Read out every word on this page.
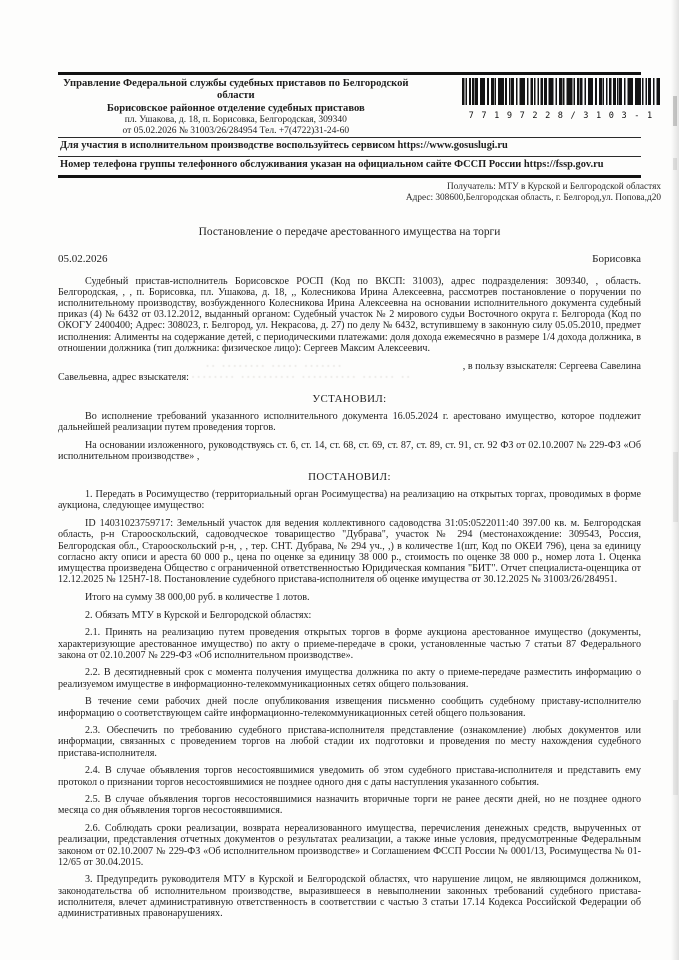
Управление Федеральной службы судебных приставов по Белгородской области
Борисовское районное отделение судебных приставов
пл. Ушакова, д. 18, п. Борисовка, Белгородская, 309340
от 05.02.2026 № 31003/26/284954 Тел. +7(4722)31-24-60
7 7 1 9 7 2 2 8 / 3 1 0 3 - 1
Для участия в исполнительном производстве воспользуйтесь сервисом https://www.gosuslugi.ru
Номер телефона группы телефонного обслуживания указан на официальном сайте ФССП России https://fssp.gov.ru
Получатель: МТУ в Курской и Белгородской областях
Адрес: 308600,Белгородская область, г. Белгород,ул. Попова,д20
Постановление о передаче арестованного имущества на торги
05.02.2026	Борисовка

Судебный пристав-исполнитель Борисовское РОСП (Код по ВКСП: 31003), адрес подразделения: 309340, , область. Белгородская, , , п. Борисовка, пл. Ушакова, д. 18, ,, Колесникова Ирина Алексеевна, рассмотрев постановление о поручении по исполнительному производству, возбужденного Колесникова Ирина Алексеевна на основании исполнительного документа судебный приказ (4) № 6432 от 03.12.2012, выданный органом: Судебный участок № 2 мирового судьи Восточного округа г. Белгорода (Код по ОКОГУ 2400400; Адрес: 308023, г. Белгород, ул. Некрасова, д. 27) по делу № 6432, вступившему в законную силу 05.05.2010, предмет исполнения: Алименты на содержание детей, с периодическими платежами: доля дохода ежемесячно в размере 1/4 дохода должника, в отношении должника (тип должника: физическое лицо): Сергеев Максим Алексеевич.

·· ········ ····· ·······	, в пользу взыскателя: Сергеева Савелина
Савельевна, адрес взыскателя: ········ ·········· ·········· ······ ··
УСТАНОВИЛ:

Во исполнение требований указанного исполнительного документа 16.05.2024 г. арестовано имущество, которое подлежит дальнейшей реализации путем проведения торгов.

На основании изложенного, руководствуясь ст. 6, ст. 14, ст. 68, ст. 69, ст. 87, ст. 89, ст. 91, ст. 92 ФЗ от 02.10.2007 № 229-ФЗ «Об исполнительном производстве» ,

ПОСТАНОВИЛ:

1. Передать в Росимущество (территориальный орган Росимущества) на реализацию на открытых торгах, проводимых в форме аукциона, следующее имущество:

ID 14031023759717: Земельный участок для ведения коллективного садоводства 31:05:0522011:40 397.00 кв. м. Белгородская область, р-н Старооскольский, садоводческое товарищество "Дубрава", участок № 294 (местонахождение: 309543, Россия, Белгородская обл., Старооскольский р-н, , , тер. СНТ. Дубрава, № 294 уч., ,) в количестве 1(шт, Код по ОКЕИ 796), цена за единицу согласно акту описи и ареста 60 000 р., цена по оценке за единицу 38 000 р., стоимость по оценке 38 000 р., номер лота 1. Оценка имущества произведена Общество с ограниченной ответственностью Юридическая компания "БИТ". Отчет специалиста-оценщика от 12.12.2025 № 125Н7-18. Постановление судебного пристава-исполнителя об оценке имущества от 30.12.2025 № 31003/26/284951.

Итого на сумму 38 000,00 руб. в количестве 1 лотов.

2. Обязать МТУ в Курской и Белгородской областях:

2.1. Принять на реализацию путем проведения открытых торгов в форме аукциона арестованное имущество (документы, характеризующие арестованное имущество) по акту о приеме-передаче в сроки, установленные частью 7 статьи 87 Федерального закона от 02.10.2007 № 229-ФЗ «Об исполнительном производстве».

2.2. В десятидневный срок с момента получения имущества должника по акту о приеме-передаче разместить информацию о реализуемом имуществе в информационно-телекоммуникационных сетях общего пользования.

В течение семи рабочих дней после опубликования извещения письменно сообщить судебному приставу-исполнителю информацию о соответствующем сайте информационно-телекоммуникационных сетей общего пользования.

2.3. Обеспечить по требованию судебного пристава-исполнителя представление (ознакомление) любых документов или информации, связанных с проведением торгов на любой стадии их подготовки и проведения по месту нахождения судебного пристава-исполнителя.

2.4. В случае объявления торгов несостоявшимися уведомить об этом судебного пристава-исполнителя и представить ему протокол о признании торгов несостоявшимися не позднее одного дня с даты наступления указанного события.

2.5. В случае объявления торгов несостоявшимися назначить вторичные торги не ранее десяти дней, но не позднее одного месяца со дня объявления торгов несостоявшимися.

2.6. Соблюдать сроки реализации, возврата нереализованного имущества, перечисления денежных средств, вырученных от реализации, представления отчетных документов о результатах реализации, а также иные условия, предусмотренные Федеральным законом от 02.10.2007 № 229-ФЗ «Об исполнительном производстве» и Соглашением ФССП России № 0001/13, Росимущества № 01-12/65 от 30.04.2015.

3. Предупредить руководителя МТУ в Курской и Белгородской областях, что нарушение лицом, не являющимся должником, законодательства об исполнительном производстве, выразившееся в невыполнении законных требований судебного пристава-исполнителя, влечет административную ответственность в соответствии с частью 3 статьи 17.14 Кодекса Российской Федерации об административных правонарушениях.
